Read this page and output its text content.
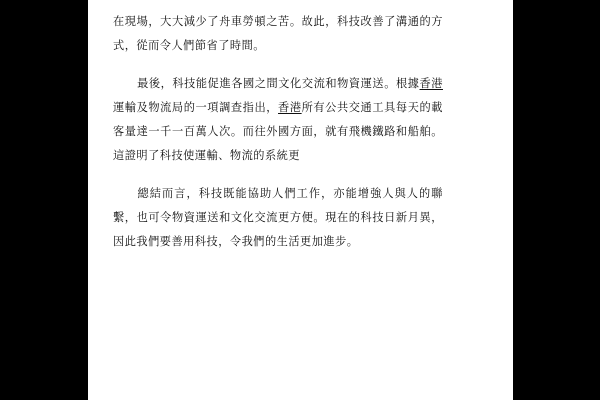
在現場，大大減少了舟車勞頓之苦。故此，科技改善了溝通的方式，從而令人們節省了時間。

最後，科技能促進各國之間文化交流和物資運送。根據香港運輸及物流局的一項調查指出，香港所有公共交通工具每天的載客量達一千一百萬人次。而往外國方面，就有飛機鐵路和船舶。這證明了科技使運輸、物流的系統更

總結而言，科技既能協助人們工作，亦能增強人與人的聯繫，也可令物資運送和文化交流更方便。現在的科技日新月異，因此我們要善用科技，令我們的生活更加進步。
